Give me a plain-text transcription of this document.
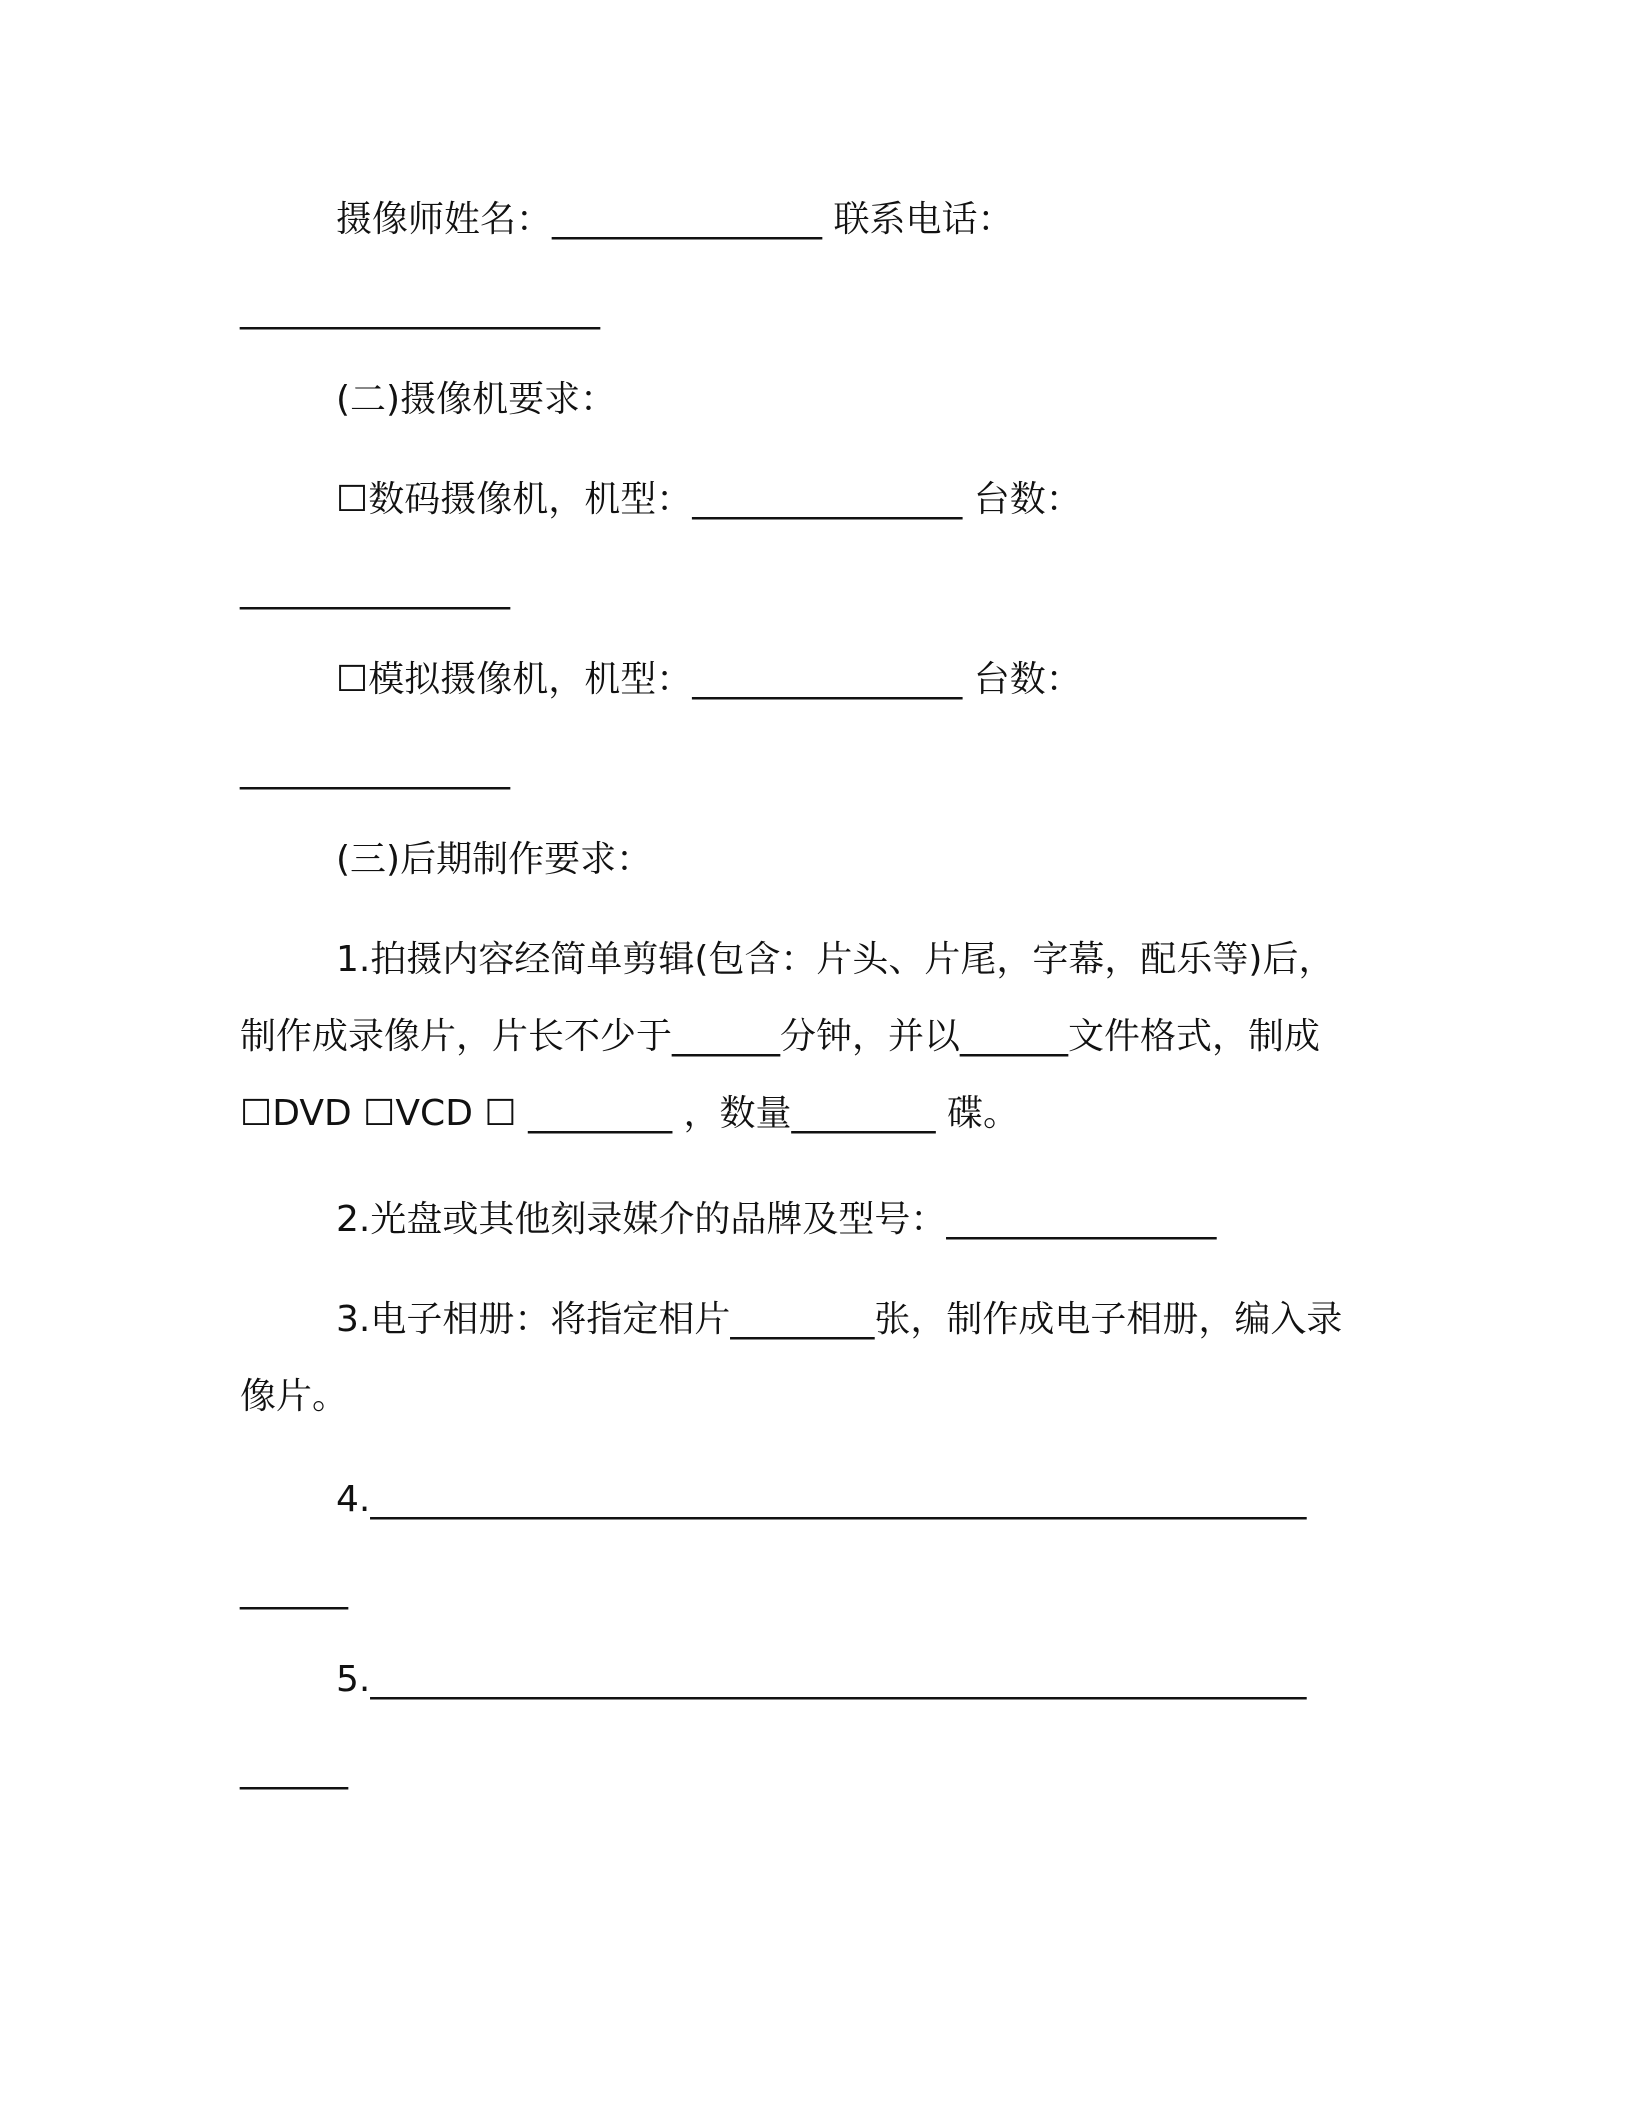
摄像师姓名：_______________ 联系电话：
____________________
(二)摄像机要求：
☐数码摄像机，机型：_______________ 台数：
_______________
☐模拟摄像机，机型：_______________ 台数：
_______________
(三)后期制作要求：
1.拍摄内容经简单剪辑(包含：片头、片尾，字幕，配乐等)后，
制作成录像片，片长不少于______分钟，并以______文件格式，制成
☐DVD ☐VCD ☐ ________ ，数量________ 碟。
2.光盘或其他刻录媒介的品牌及型号：_______________
3.电子相册：将指定相片________张，制作成电子相册，编入录
像片。
4.____________________________________________________
______
5.____________________________________________________
______
